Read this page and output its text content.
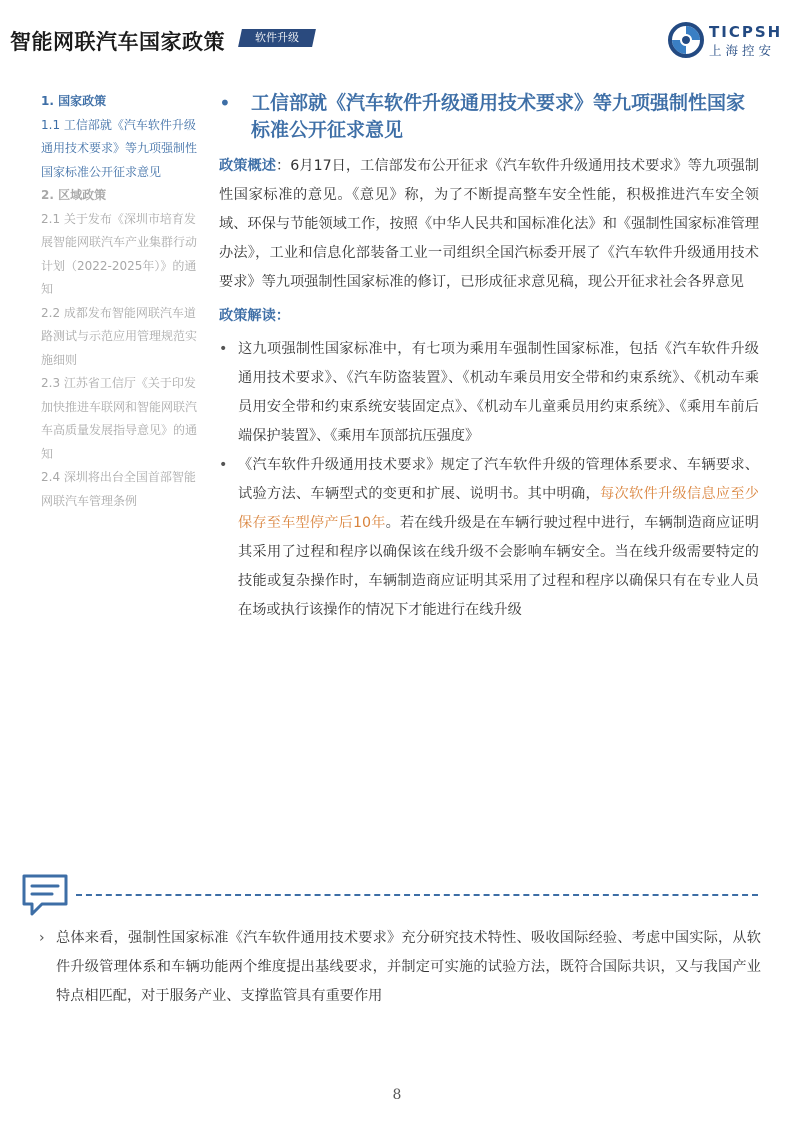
智能网联汽车国家政策	软件升级	TICPSH
上海控安
1. 国家政策
1.1 工信部就《汽车软件升级通用技术要求》等九项强制性国家标准公开征求意见
2. 区域政策
2.1 关于发布《深圳市培育发展智能网联汽车产业集群行动计划（2022-2025年）》的通知
2.2 成都发布智能网联汽车道路测试与示范应用管理规范实施细则
2.3 江苏省工信厅《关于印发加快推进车联网和智能网联汽车高质量发展指导意见》的通知
2.4 深圳将出台全国首部智能网联汽车管理条例
• 工信部就《汽车软件升级通用技术要求》等九项强制性国家标准公开征求意见
政策概述：6月17日，工信部发布公开征求《汽车软件升级通用技术要求》等九项强制性国家标准的意见。《意见》称，为了不断提高整车安全性能，积极推进汽车安全领域、环保与节能领域工作，按照《中华人民共和国标准化法》和《强制性国家标准管理办法》，工业和信息化部装备工业一司组织全国汽标委开展了《汽车软件升级通用技术要求》等九项强制性国家标准的修订，已形成征求意见稿，现公开征求社会各界意见
政策解读：
• 这九项强制性国家标准中，有七项为乘用车强制性国家标准，包括《汽车软件升级通用技术要求》、《汽车防盗装置》、《机动车乘员用安全带和约束系统》、《机动车乘员用安全带和约束系统安装固定点》、《机动车儿童乘员用约束系统》、《乘用车前后端保护装置》、《乘用车顶部抗压强度》
• 《汽车软件升级通用技术要求》规定了汽车软件升级的管理体系要求、车辆要求、试验方法、车辆型式的变更和扩展、说明书。其中明确，每次软件升级信息应至少保存至车型停产后10年。若在线升级是在车辆行驶过程中进行，车辆制造商应证明其采用了过程和程序以确保该在线升级不会影响车辆安全。当在线升级需要特定的技能或复杂操作时，车辆制造商应证明其采用了过程和程序以确保只有在专业人员在场或执行该操作的情况下才能进行在线升级
› 总体来看，强制性国家标准《汽车软件通用技术要求》充分研究技术特性、吸收国际经验、考虑中国实际，从软件升级管理体系和车辆功能两个维度提出基线要求，并制定可实施的试验方法，既符合国际共识，又与我国产业特点相匹配，对于服务产业、支撑监管具有重要作用
8
